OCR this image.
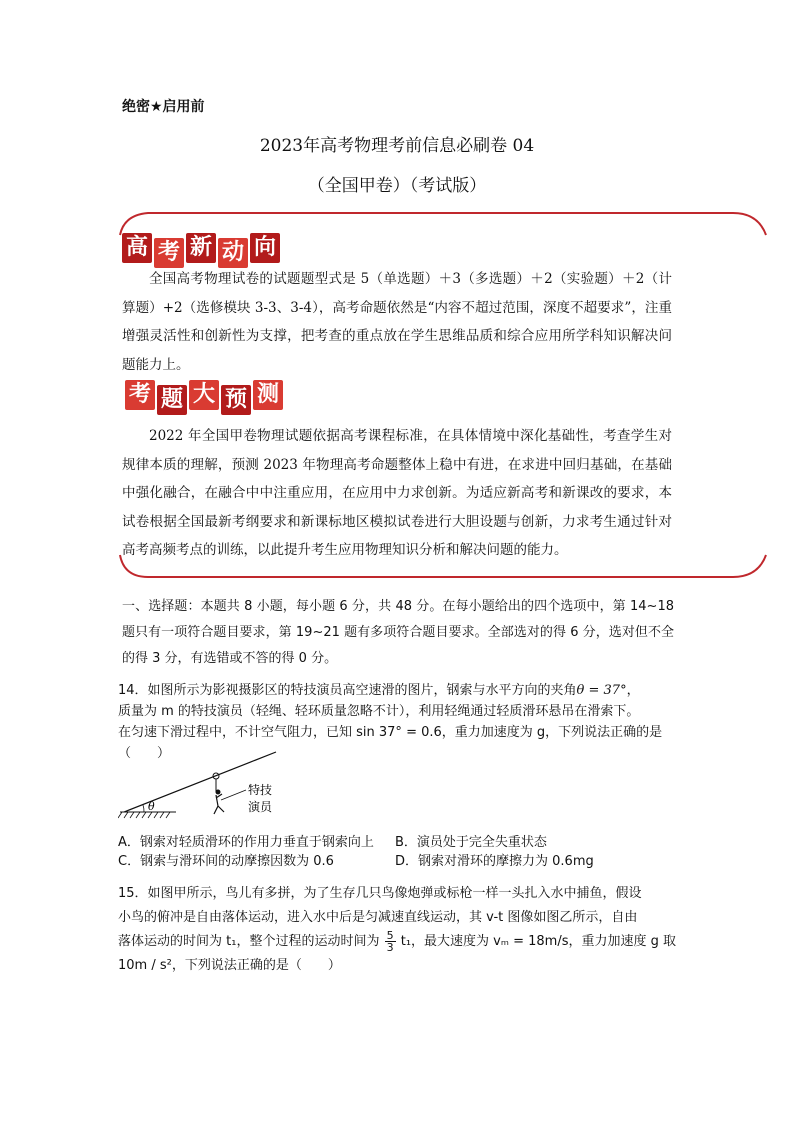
绝密★启用前
2023年高考物理考前信息必刷卷 04
（全国甲卷）（考试版）
高 考 新 动 向
全国高考物理试卷的试题题型式是 5（单选题）＋3（多选题）＋2（实验题）＋2（计算题）+2（选修模块 3-3、3-4），高考命题依然是“内容不超过范围，深度不超要求”，注重增强灵活性和创新性为支撑，把考查的重点放在学生思维品质和综合应用所学科知识解决问题能力上。
考 题 大 预 测
2022 年全国甲卷物理试题依据高考课程标准，在具体情境中深化基础性，考查学生对规律本质的理解，预测 2023 年物理高考命题整体上稳中有进，在求进中回归基础，在基础中强化融合，在融合中中注重应用，在应用中力求创新。为适应新高考和新课改的要求，本试卷根据全国最新考纲要求和新课标地区模拟试卷进行大胆设题与创新，力求考生通过针对高考高频考点的训练，以此提升考生应用物理知识分析和解决问题的能力。
一、选择题：本题共 8 小题，每小题 6 分，共 48 分。在每小题给出的四个选项中，第 14~18 题只有一项符合题目要求，第 19~21 题有多项符合题目要求。全部选对的得 6 分，选对但不全的得 3 分，有选错或不答的得 0 分。
14．如图所示为影视摄影区的特技演员高空速滑的图片，钢索与水平方向的夹角θ = 37°，
质量为 m 的特技演员（轻绳、轻环质量忽略不计），利用轻绳通过轻质滑环悬吊在滑索下。
在匀速下滑过程中，不计空气阻力，已知 sin 37° = 0.6，重力加速度为 g，下列说法正确的是
（　　）
θ
特技
演员
A．钢索对轻质滑环的作用力垂直于钢索向上 B．演员处于完全失重状态
C．钢索与滑环间的动摩擦因数为 0.6	D．钢索对滑环的摩擦力为 0.6mg
15．如图甲所示，鸟儿有多拼，为了生存几只鸟像炮弹或标枪一样一头扎入水中捕鱼，假设
小鸟的俯冲是自由落体运动，进入水中后是匀减速直线运动，其 v-t 图像如图乙所示，自由
落体运动的时间为 t₁，整个过程的运动时间为 $\frac{5}{3} t_1$，最大速度为 vₘ = 18m/s，重力加速度 g 取
10m / s²，下列说法正确的是（　　）
